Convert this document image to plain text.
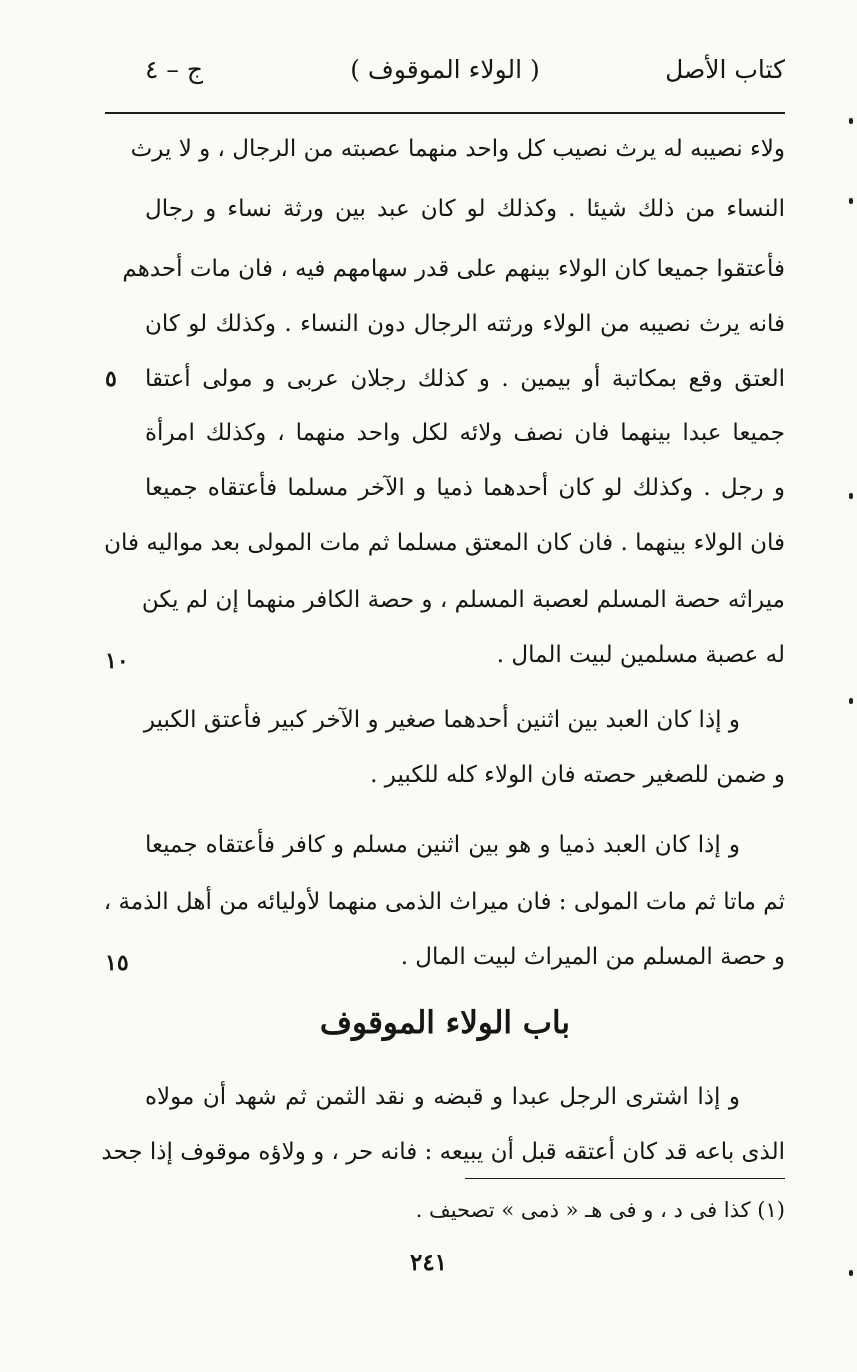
كتاب الأصل
( الولاء الموقوف )
ج – ٤
ولاء نصيبه له يرث نصيب كل واحد منهما عصبته من الرجال ، و لا يرث
النساء من ذلك شيئا . وكذلك لو كان عبد بين ورثة نساء و رجال
فأعتقوا جميعا كان الولاء بينهم على قدر سهامهم فيه ، فان مات أحدهم
فانه يرث نصيبه من الولاء ورثته الرجال دون النساء . وكذلك لو كان
العتق وقع بمكاتبة أو بيمين . و كذلك رجلان عربى و مولى أعتقا
جميعا عبدا بينهما فان نصف ولائه لكل واحد منهما ، وكذلك امرأة
و رجل . وكذلك لو كان أحدهما ذميا و الآخر مسلما فأعتقاه جميعا
فان الولاء بينهما . فان كان المعتق مسلما ثم مات المولى بعد مواليه فان
ميراثه حصة المسلم لعصبة المسلم ، و حصة الكافر منهما إن لم يكن
له عصبة مسلمين لبيت المال .
و إذا كان العبد بين اثنين أحدهما صغير و الآخر كبير فأعتق الكبير
و ضمن للصغير حصته فان الولاء كله للكبير .
و إذا كان العبد ذميا و هو بين اثنين مسلم و كافر فأعتقاه جميعا
ثم ماتا ثم مات المولى : فان ميراث الذمى منهما لأوليائه من أهل الذمة ،
و حصة المسلم من الميراث لبيت المال .
باب الولاء الموقوف
و إذا اشترى الرجل عبدا و قبضه و نقد الثمن ثم شهد أن مولاه
الذى باعه قد كان أعتقه قبل أن يبيعه : فانه حر ، و ولاؤه موقوف إذا جحد
٥
١٠
١٥
(١) كذا فى د ، و فى هـ « ذمى » تصحيف .
٢٤١
